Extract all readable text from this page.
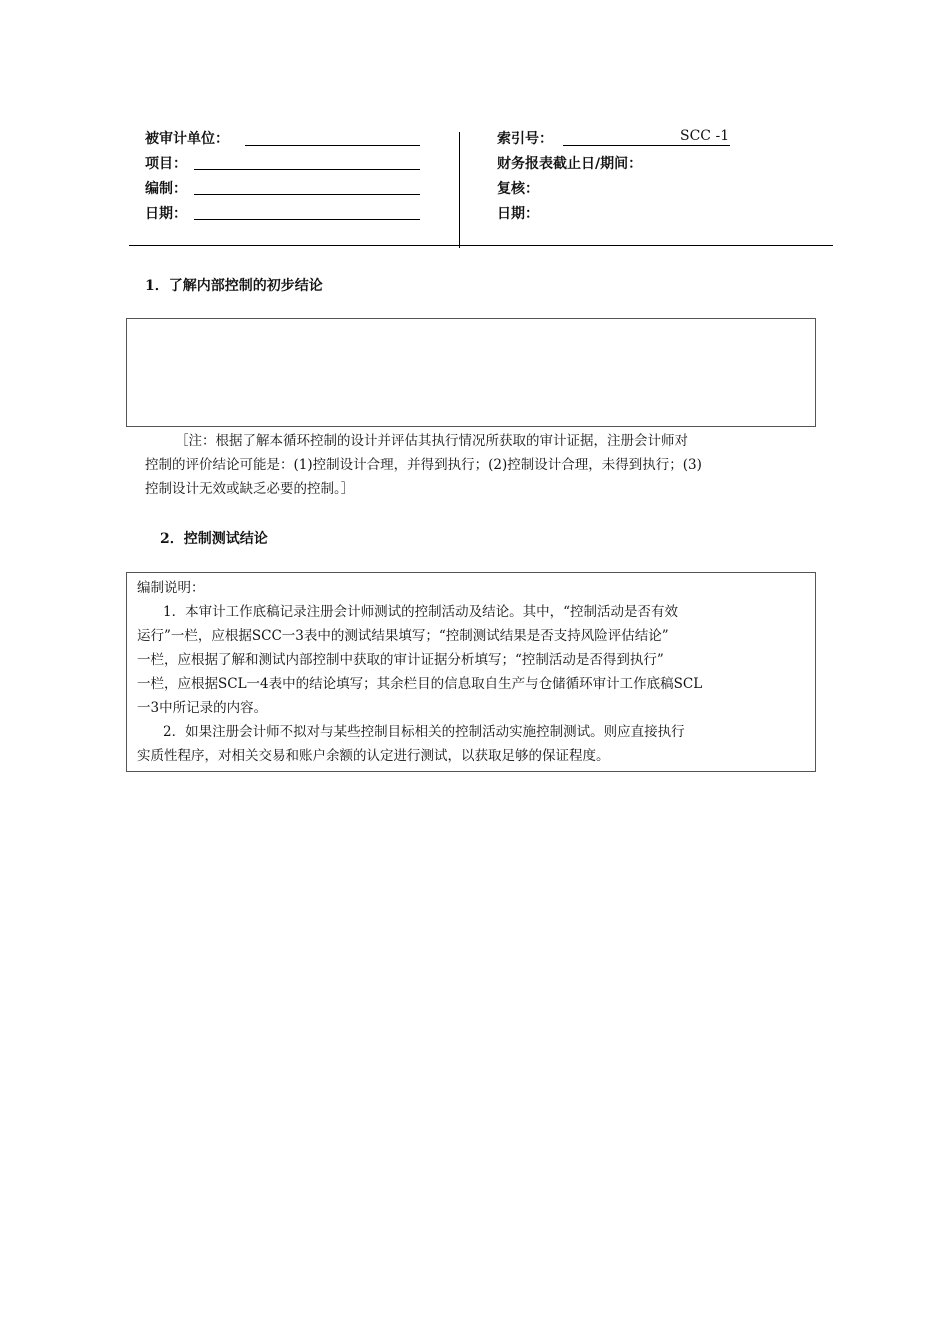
被审计单位：
项目：
编制：
日期：
索引号：	SCC -1
财务报表截止日/期间：
复核：
日期：
1．了解内部控制的初步结论

［注：根据了解本循环控制的设计并评估其执行情况所获取的审计证据，注册会计师对

控制的评价结论可能是：(1)控制设计合理，并得到执行；(2)控制设计合理，未得到执行；(3)

控制设计无效或缺乏必要的控制。］

2．控制测试结论

编制说明：

1．本审计工作底稿记录注册会计师测试的控制活动及结论。其中，“控制活动是否有效

运行”一栏，应根据SCC一3表中的测试结果填写；“控制测试结果是否支持风险评估结论”

一栏，应根据了解和测试内部控制中获取的审计证据分析填写；“控制活动是否得到执行”

一栏，应根据SCL一4表中的结论填写；其余栏目的信息取自生产与仓储循环审计工作底稿SCL

一3中所记录的内容。

2．如果注册会计师不拟对与某些控制目标相关的控制活动实施控制测试。则应直接执行

实质性程序，对相关交易和账户余额的认定进行测试，以获取足够的保证程度。
